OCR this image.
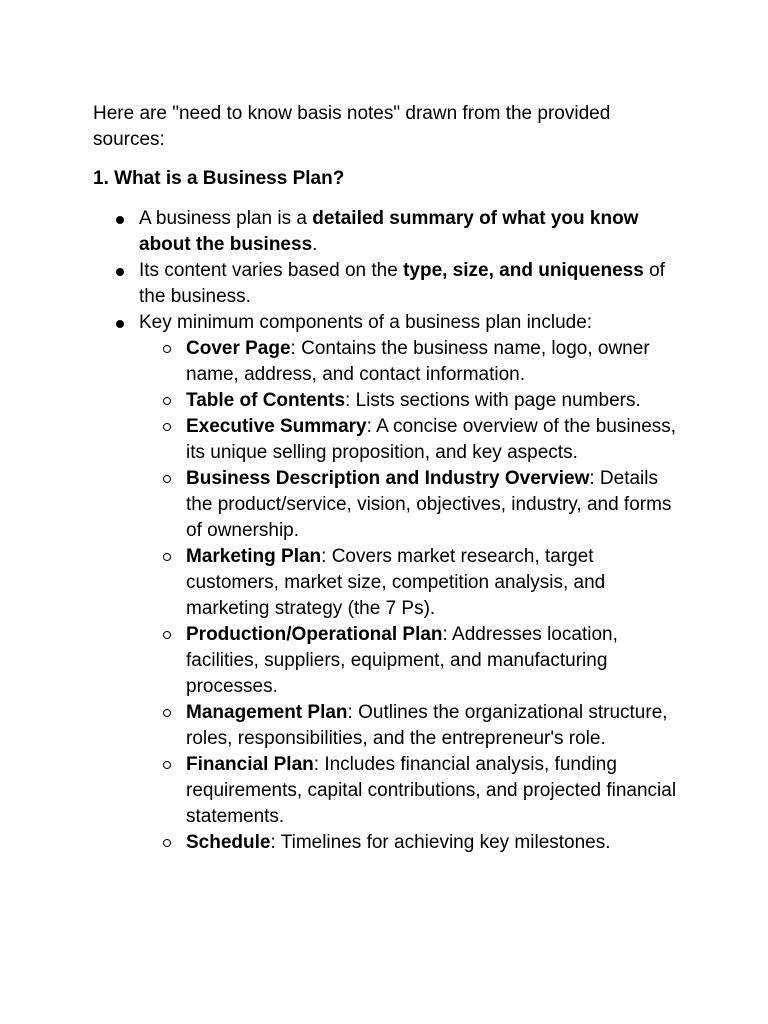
Here are "need to know basis notes" drawn from the provided sources:

1. What is a Business Plan?

A business plan is a detailed summary of what you know about the business.
Its content varies based on the type, size, and uniqueness of the business.
Key minimum components of a business plan include:
Cover Page: Contains the business name, logo, owner name, address, and contact information.
Table of Contents: Lists sections with page numbers.
Executive Summary: A concise overview of the business, its unique selling proposition, and key aspects.
Business Description and Industry Overview: Details the product/service, vision, objectives, industry, and forms of ownership.
Marketing Plan: Covers market research, target customers, market size, competition analysis, and marketing strategy (the 7 Ps).
Production/Operational Plan: Addresses location, facilities, suppliers, equipment, and manufacturing processes.
Management Plan: Outlines the organizational structure, roles, responsibilities, and the entrepreneur's role.
Financial Plan: Includes financial analysis, funding requirements, capital contributions, and projected financial statements.
Schedule: Timelines for achieving key milestones.
